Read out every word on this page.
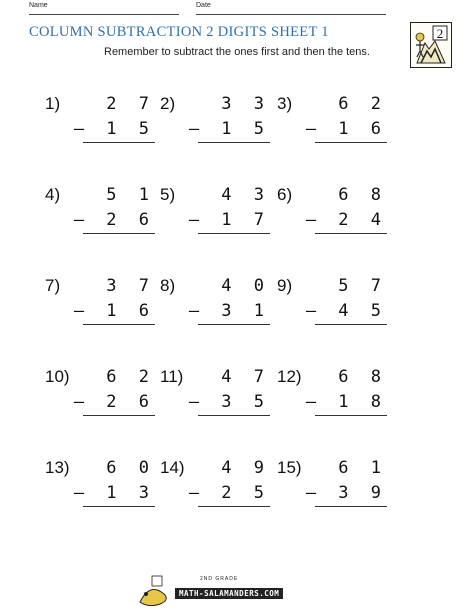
Name	Date
COLUMN SUBTRACTION 2 DIGITS SHEET 1
Remember to subtract the ones first and then the tens.
2
1)	2 7
– 1 5
2)	3 3
– 1 5
3)	6 2
– 1 6
4)	5 1
– 2 6
5)	4 3
– 1 7
6)	6 8
– 2 4
7)	3 7
– 1 6
8)	4 0
– 3 1
9)	5 7
– 4 5
10) 6 2
– 2 6
11) 4 7
– 3 5
12) 6 8
– 1 8
13) 6 0
– 1 3
14) 4 9
– 2 5
15) 6 1
– 3 9
2ND GRADE
MATH-SALAMANDERS.COM
